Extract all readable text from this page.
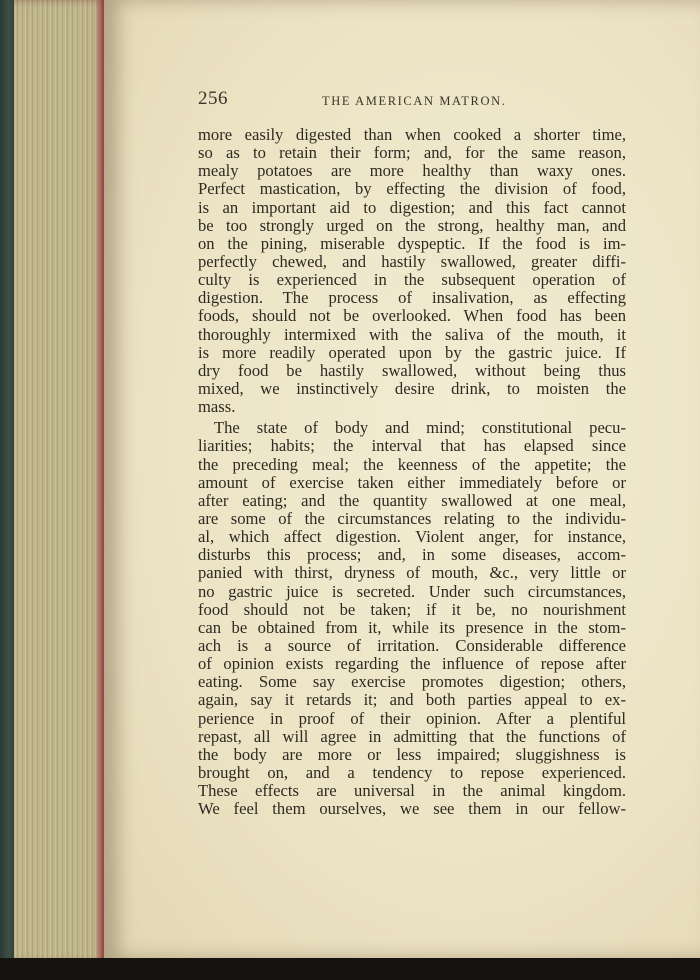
256	THE AMERICAN MATRON.
more easily digested than when cooked a shorter time,
so as to retain their form; and, for the same reason,
mealy potatoes are more healthy than waxy ones.
Perfect mastication, by effecting the division of food,
is an important aid to digestion; and this fact cannot
be too strongly urged on the strong, healthy man, and
on the pining, miserable dyspeptic. If the food is im-
perfectly chewed, and hastily swallowed, greater diffi-
culty is experienced in the subsequent operation of
digestion. The process of insalivation, as effecting
foods, should not be overlooked. When food has been
thoroughly intermixed with the saliva of the mouth, it
is more readily operated upon by the gastric juice. If
dry food be hastily swallowed, without being thus
mixed, we instinctively desire drink, to moisten the
mass.
The state of body and mind; constitutional pecu-
liarities; habits; the interval that has elapsed since
the preceding meal; the keenness of the appetite; the
amount of exercise taken either immediately before or
after eating; and the quantity swallowed at one meal,
are some of the circumstances relating to the individu-
al, which affect digestion. Violent anger, for instance,
disturbs this process; and, in some diseases, accom-
panied with thirst, dryness of mouth, &c., very little or
no gastric juice is secreted. Under such circumstances,
food should not be taken; if it be, no nourishment
can be obtained from it, while its presence in the stom-
ach is a source of irritation. Considerable difference
of opinion exists regarding the influence of repose after
eating. Some say exercise promotes digestion; others,
again, say it retards it; and both parties appeal to ex-
perience in proof of their opinion. After a plentiful
repast, all will agree in admitting that the functions of
the body are more or less impaired; sluggishness is
brought on, and a tendency to repose experienced.
These effects are universal in the animal kingdom.
We feel them ourselves, we see them in our fellow-
